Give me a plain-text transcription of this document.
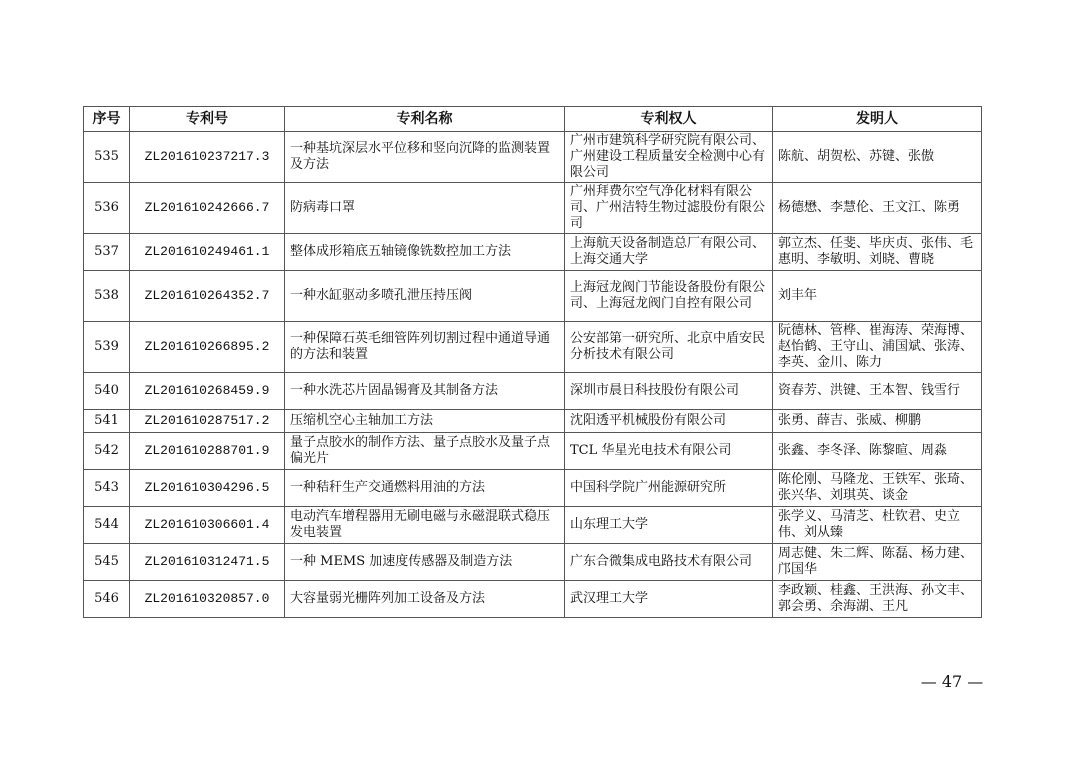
序号	专利号	专利名称	专利权人	发明人
535	ZL201610237217.3	一种基坑深层水平位移和竖向沉降的监测装置及方法	广州市建筑科学研究院有限公司、广州建设工程质量安全检测中心有限公司	陈航、胡贺松、苏键、张傲
536	ZL201610242666.7	防病毒口罩	广州拜费尔空气净化材料有限公司、广州洁特生物过滤股份有限公司	杨德懋、李慧伦、王文江、陈勇
537	ZL201610249461.1	整体成形箱底五轴镜像铣数控加工方法	上海航天设备制造总厂有限公司、上海交通大学	郭立杰、任斐、毕庆贞、张伟、毛惠明、李敏明、刘晓、曹晓
538	ZL201610264352.7	一种水缸驱动多喷孔泄压持压阀	上海冠龙阀门节能设备股份有限公司、上海冠龙阀门自控有限公司	刘丰年
539	ZL201610266895.2	一种保障石英毛细管阵列切割过程中通道导通的方法和装置	公安部第一研究所、北京中盾安民分析技术有限公司	阮德林、管桦、崔海涛、荣海博、赵怡鹤、王守山、浦国斌、张涛、李英、金川、陈力
540	ZL201610268459.9	一种水洗芯片固晶锡膏及其制备方法	深圳市晨日科技股份有限公司	资春芳、洪键、王本智、钱雪行
541	ZL201610287517.2	压缩机空心主轴加工方法	沈阳透平机械股份有限公司	张勇、薛吉、张威、柳鹏
542	ZL201610288701.9	量子点胶水的制作方法、量子点胶水及量子点偏光片	TCL 华星光电技术有限公司	张鑫、李冬泽、陈黎暄、周淼
543	ZL201610304296.5	一种秸秆生产交通燃料用油的方法	中国科学院广州能源研究所	陈伦刚、马隆龙、王铁军、张琦、张兴华、刘琪英、谈金
544	ZL201610306601.4	电动汽车增程器用无刷电磁与永磁混联式稳压发电装置	山东理工大学	张学义、马清芝、杜钦君、史立伟、刘从臻
545	ZL201610312471.5	一种 MEMS 加速度传感器及制造方法	广东合微集成电路技术有限公司	周志健、朱二辉、陈磊、杨力建、邝国华
546	ZL201610320857.0	大容量弱光栅阵列加工设备及方法	武汉理工大学	李政颖、桂鑫、王洪海、孙文丰、郭会勇、余海湖、王凡
— 47 —
